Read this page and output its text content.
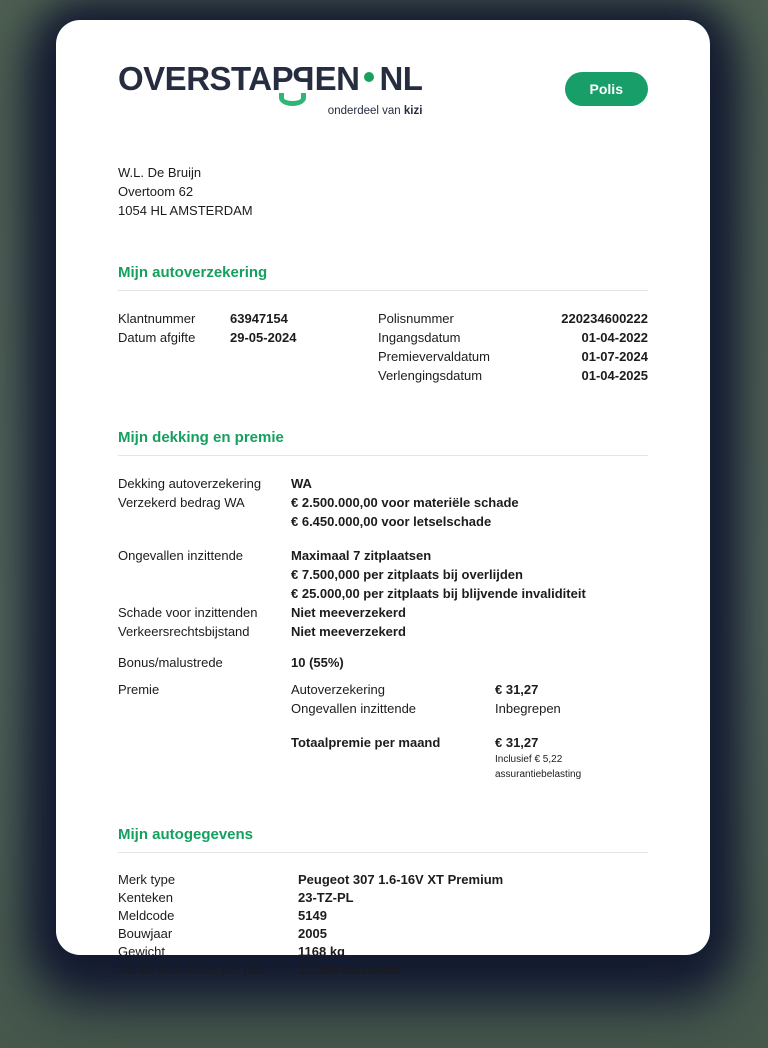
OVERSTA PP EN NL
onderdeel van kizi
Polis
W.L. De Bruijn
Overtoom 62
1054 HL AMSTERDAM
Mijn autoverzekering
Klantnummer	63947154
Datum afgifte	29-05-2024
Polisnummer	220234600222
Ingangsdatum	01-04-2022
Premievervaldatum	01-07-2024
Verlengingsdatum	01-04-2025
Mijn dekking en premie
Dekking autoverzekering	WA
Verzekerd bedrag WA	€ 2.500.000,00 voor materiële schade
€ 6.450.000,00 voor letselschade
Ongevallen inzittende	Maximaal 7 zitplaatsen
€ 7.500,000 per zitplaats bij overlijden
€ 25.000,00 per zitplaats bij blijvende invaliditeit
Schade voor inzittenden	Niet meeverzekerd
Verkeersrechtsbijstand	Niet meeverzekerd
Bonus/malustrede	10 (55%)
Premie	Autoverzekering	€ 31,27
Ongevallen inzittende	Inbegrepen
Totaalpremie per maand	€ 31,27
Inclusief € 5,22 assurantiebelasting
Mijn autogegevens
Merk type	Peugeot 307 1.6-16V XT Premium
Kenteken	23-TZ-PL
Meldcode	5149
Bouwjaar	2005
Gewicht	1168 kg
Aantal kilometers per jaar	12.000 maximaal
